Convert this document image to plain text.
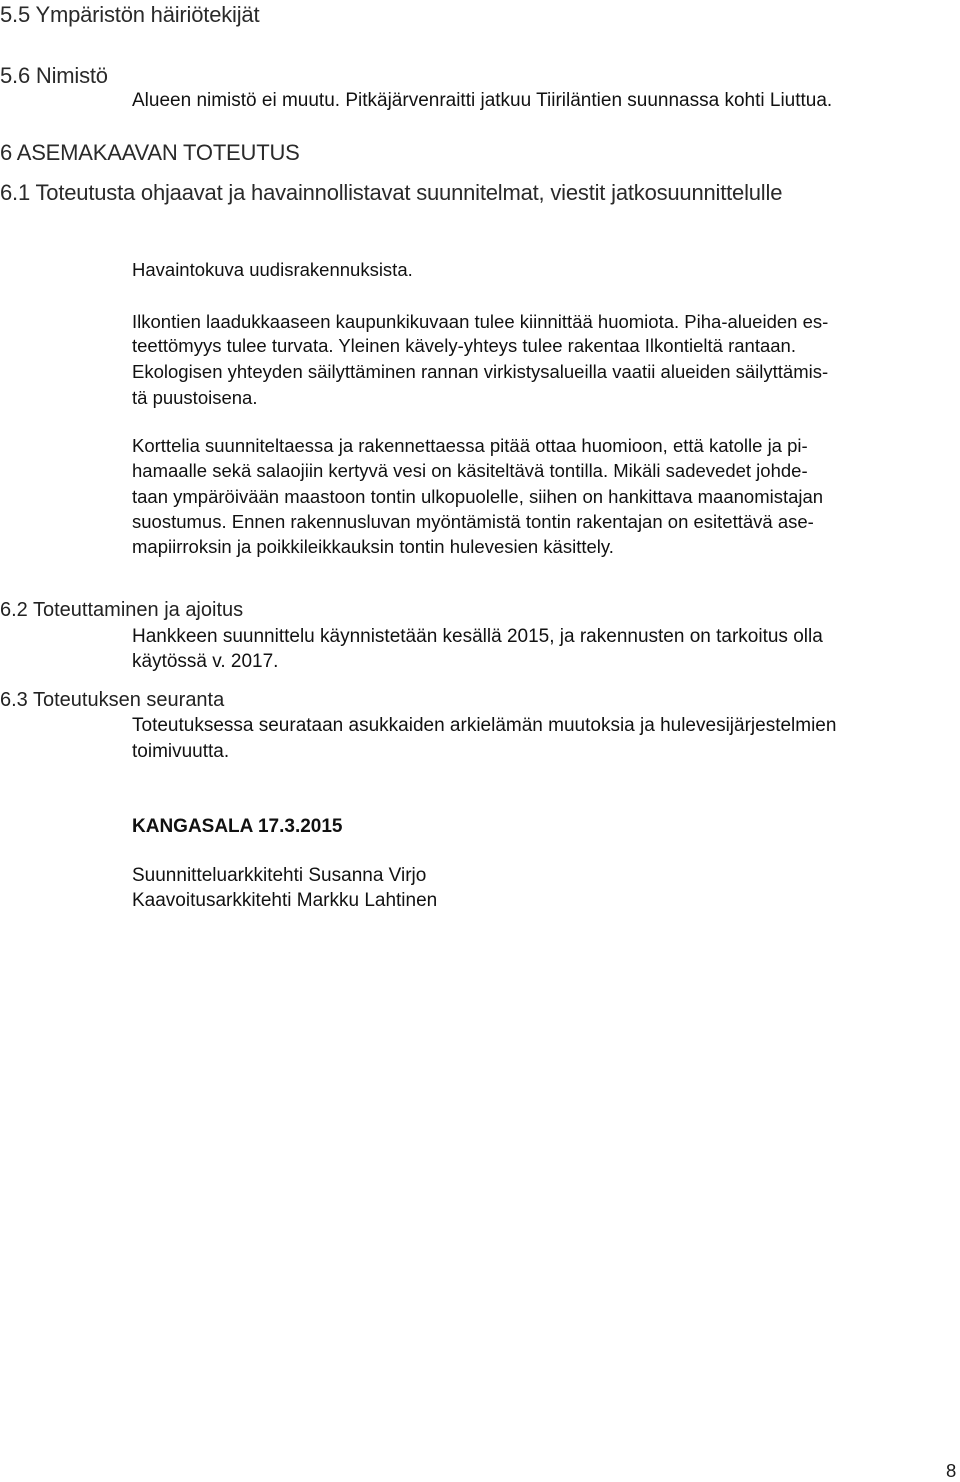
5.5 Ympäristön häiriötekijät
5.6 Nimistö
Alueen nimistö ei muutu. Pitkäjärvenraitti jatkuu Tiiriläntien suunnassa kohti Liuttua.
6 ASEMAKAAVAN TOTEUTUS
6.1 Toteutusta ohjaavat ja havainnollistavat suunnitelmat, viestit jatkosuunnittelulle
Havaintokuva uudisrakennuksista.
Ilkontien laadukkaaseen kaupunkikuvaan tulee kiinnittää huomiota. Piha-alueiden es-
teettömyys tulee turvata. Yleinen kävely-yhteys tulee rakentaa Ilkontieltä rantaan.
Ekologisen yhteyden säilyttäminen rannan virkistysalueilla vaatii alueiden säilyttämis-
tä puustoisena.
Korttelia suunniteltaessa ja rakennettaessa pitää ottaa huomioon, että katolle ja pi-
hamaalle sekä salaojiin kertyvä vesi on käsiteltävä tontilla. Mikäli sadevedet johde-
taan ympäröivään maastoon tontin ulkopuolelle, siihen on hankittava maanomistajan
suostumus. Ennen rakennusluvan myöntämistä tontin rakentajan on esitettävä ase-
mapiirroksin ja poikkileikkauksin tontin hulevesien käsittely.
6.2 Toteuttaminen ja ajoitus
Hankkeen suunnittelu käynnistetään kesällä 2015, ja rakennusten on tarkoitus olla
käytössä v. 2017.
6.3 Toteutuksen seuranta
Toteutuksessa seurataan asukkaiden arkielämän muutoksia ja hulevesijärjestelmien
toimivuutta.
KANGASALA 17.3.2015
Suunnitteluarkkitehti Susanna Virjo
Kaavoitusarkkitehti Markku Lahtinen
8
